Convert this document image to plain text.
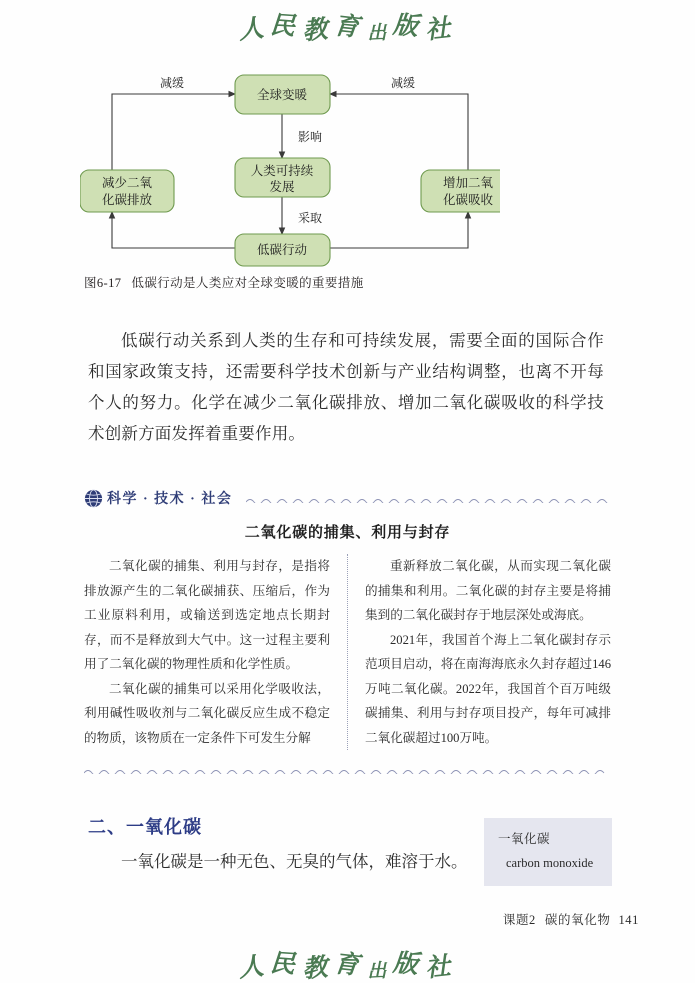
人民教育出版社
全球变暖
减少二氧
化碳排放
增加二氧
化碳吸收
人类可持续
发展
低碳行动
减缓	减缓
影响
采取
图6-17 低碳行动是人类应对全球变暖的重要措施
低碳行动关系到人类的生存和可持续发展，需要全面的国际合作和国家政策支持，还需要科学技术创新与产业结构调整，也离不开每个人的努力。化学在减少二氧化碳排放、增加二氧化碳吸收的科学技术创新方面发挥着重要作用。
科学 · 技术 · 社会
二氧化碳的捕集、利用与封存

二氧化碳的捕集、利用与封存，是指将排放源产生的二氧化碳捕获、压缩后，作为工业原料利用，或输送到选定地点长期封存，而不是释放到大气中。这一过程主要利用了二氧化碳的物理性质和化学性质。

二氧化碳的捕集可以采用化学吸收法，利用碱性吸收剂与二氧化碳反应生成不稳定的物质，该物质在一定条件下可发生分解

重新释放二氧化碳，从而实现二氧化碳的捕集和利用。二氧化碳的封存主要是将捕集到的二氧化碳封存于地层深处或海底。

2021年，我国首个海上二氧化碳封存示范项目启动，将在南海海底永久封存超过146万吨二氧化碳。2022年，我国首个百万吨级碳捕集、利用与封存项目投产，每年可减排二氧化碳超过100万吨。

二、一氧化碳
一氧化碳是一种无色、无臭的气体，难溶于水。
一氧化碳
carbon monoxide
课题2 碳的氧化物 141
人民教育出版社
